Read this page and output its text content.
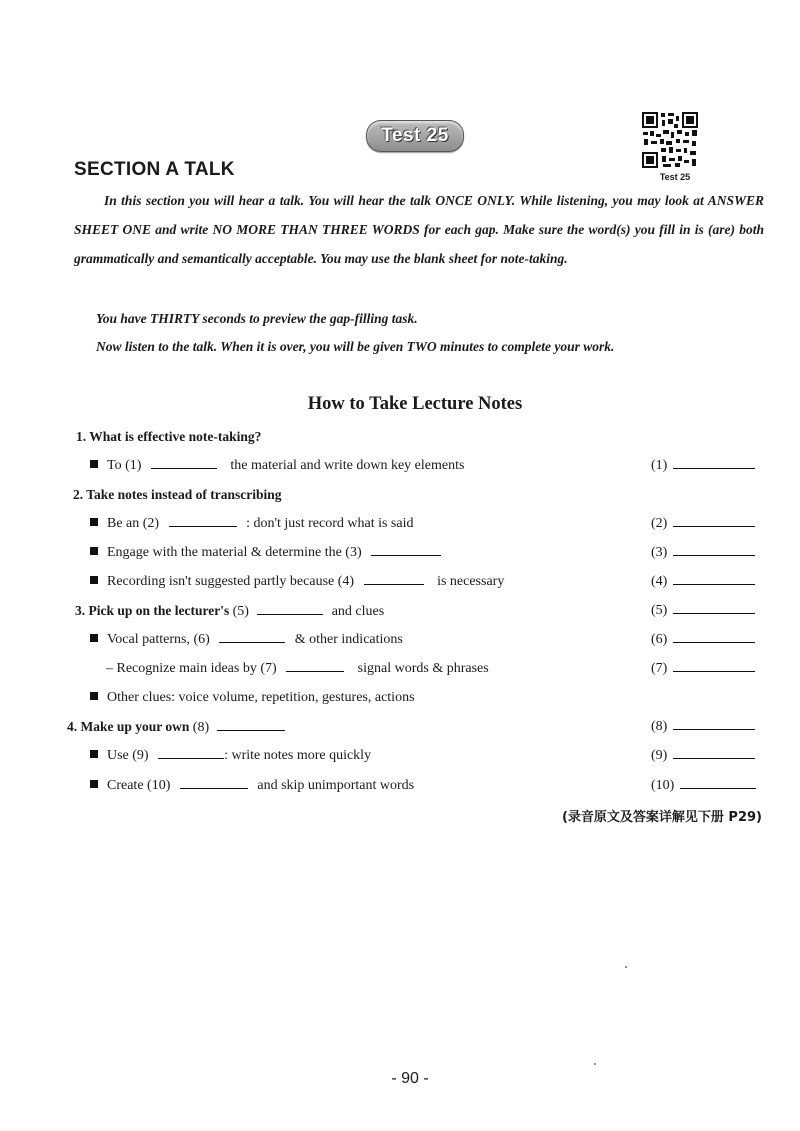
Test 25
Test 25
SECTION A TALK
In this section you will hear a talk. You will hear the talk ONCE ONLY. While listening, you may look at ANSWER SHEET ONE and write NO MORE THAN THREE WORDS for each gap. Make sure the word(s) you fill in is (are) both grammatically and semantically acceptable. You may use the blank sheet for note-taking.
You have THIRTY seconds to preview the gap-filling task.
Now listen to the talk. When it is over, you will be given TWO minutes to complete your work.
How to Take Lecture Notes
1. What is effective note-taking?
To (1)	the material and write down key elements	(1)
2. Take notes instead of transcribing
Be an (2)	: don't just record what is said	(2)
Engage with the material & determine the (3)	(3)
Recording isn't suggested partly because (4)	is necessary	(4)
3. Pick up on the lecturer's (5)	and clues	(5)
Vocal patterns, (6)	& other indications	(6)
– Recognize main ideas by (7)	signal words & phrases	(7)
Other clues: voice volume, repetition, gestures, actions
4. Make up your own (8)	(8)
Use (9)	: write notes more quickly	(9)
Create (10)	and skip unimportant words	(10)
(录音原文及答案详解见下册 P29)
- 90 -
